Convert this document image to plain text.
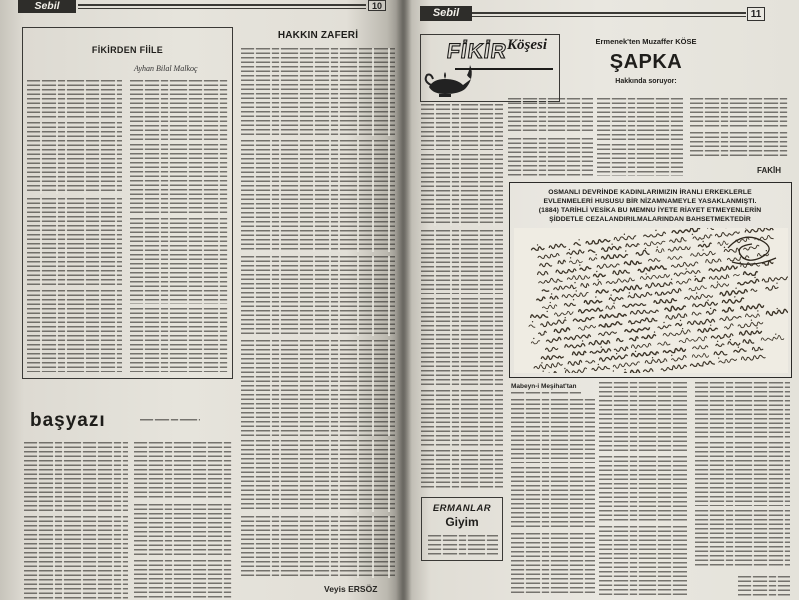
Sebil	10
FİKİRDEN FİİLE
Ayhan Bilal Malkoç
HAKKIN ZAFERİ
Veyis ERSÖZ
başyazı
Sebil	11
FİKİR
Köşesi	Ermenek'ten Muzaffer KÖSE
ŞAPKA
Hakkında soruyor:
FAKİH
OSMANLI DEVRİNDE KADINLARIMIZIN İRANLI ERKEKLERLE
EVLENMELERİ HUSUSU BİR NİZAMNAMEYLE YASAKLANMIŞTI.
(1884) TARİHLİ VESİKA BU MEMNU İYETE RİAYET ETMEYENLERİN
ŞİDDETLE CEZALANDIRILMALARINDAN BAHSETMEKTEDİR
Mabeyn-i Meşihat'tan
ERMANLAR
Giyim
